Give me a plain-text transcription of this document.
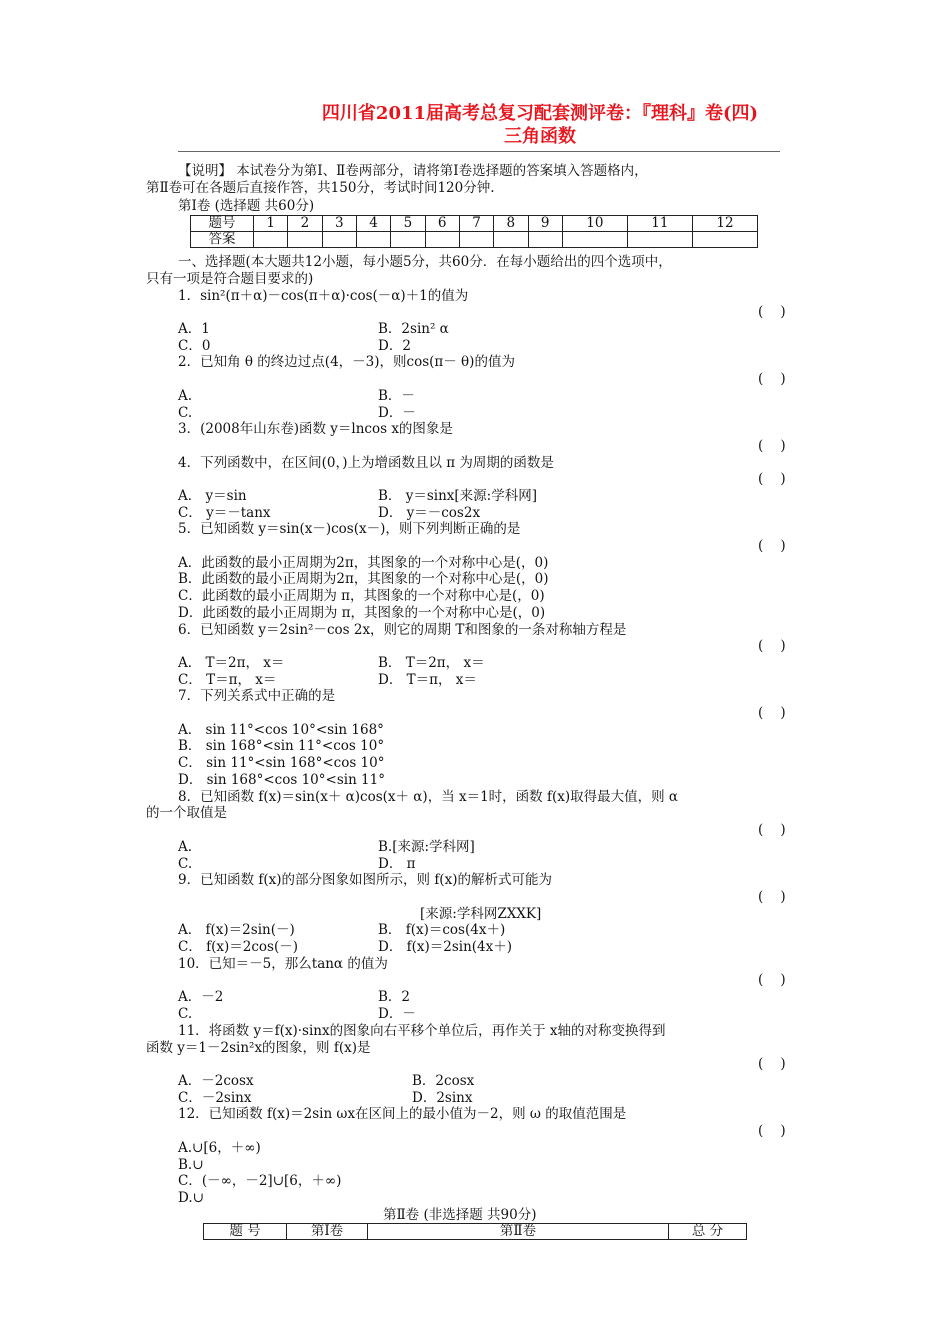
四川省2011届高考总复习配套测评卷：『理科』卷(四)
三角函数
【说明】 本试卷分为第Ⅰ、Ⅱ卷两部分，请将第Ⅰ卷选择题的答案填入答题格内，
第Ⅱ卷可在各题后直接作答，共150分，考试时间120分钟.
第Ⅰ卷 (选择题 共60分)
题号	1	2	3	4	5	6	7	8	9	10	11	12
答案												
一、选择题(本大题共12小题，每小题5分，共60分．在每小题给出的四个选项中，
只有一项是符合题目要求的)
1．sin²(π＋α)－cos(π＋α)·cos(－α)＋1的值为
(    )
A．1	B．2sin² α
C．0	D．2
2．已知角 θ 的终边过点(4，－3)，则cos(π－ θ)的值为
(    )
A.	B．－
C.	D．－
3．(2008年山东卷)函数 y＝lncos x的图象是
(    )
4．下列函数中，在区间(0，)上为增函数且以 π 为周期的函数是
(    )
A． y＝sin	B． y＝sinx[来源:学科网]
C． y＝－tanx	D． y＝－cos2x
5．已知函数 y＝sin(x－)cos(x－)，则下列判断正确的是
(    )
A．此函数的最小正周期为2π，其图象的一个对称中心是(，0)
B．此函数的最小正周期为2π，其图象的一个对称中心是(，0)
C．此函数的最小正周期为 π，其图象的一个对称中心是(，0)
D．此函数的最小正周期为 π，其图象的一个对称中心是(，0)
6．已知函数 y＝2sin²－cos 2x，则它的周期 T和图象的一条对称轴方程是
(    )
A． T＝2π， x＝	B． T＝2π， x＝
C． T＝π， x＝	D． T＝π， x＝
7．下列关系式中正确的是
(    )
A． sin 11°<cos 10°<sin 168°
B． sin 168°<sin 11°<cos 10°
C． sin 11°<sin 168°<cos 10°
D． sin 168°<cos 10°<sin 11°
8．已知函数 f(x)＝sin(x＋ α)cos(x＋ α)，当 x＝1时，函数 f(x)取得最大值，则 α
的一个取值是
(    )
A.	B.[来源:学科网]
C.	D． π
9．已知函数 f(x)的部分图象如图所示，则 f(x)的解析式可能为
(    )
[来源:学科网ZXXK]
A． f(x)＝2sin(－)	B． f(x)＝cos(4x＋)
C． f(x)＝2cos(－)	D． f(x)＝2sin(4x＋)
10．已知＝－5，那么tanα 的值为
(    )
A．－2	B．2
C.	D．－
11．将函数 y＝f(x)·sinx的图象向右平移个单位后，再作关于 x轴的对称变换得到
函数 y＝1－2sin²x的图象，则 f(x)是
(    )
A．－2cosx	B．2cosx
C．－2sinx	D．2sinx
12．已知函数 f(x)＝2sin ωx在区间上的最小值为－2，则 ω 的取值范围是
(    )
A.∪[6，＋∞)
B.∪
C．(－∞，－2]∪[6，＋∞)
D.∪
第Ⅱ卷 (非选择题 共90分)
题 号	第Ⅰ卷	第Ⅱ卷	总 分
